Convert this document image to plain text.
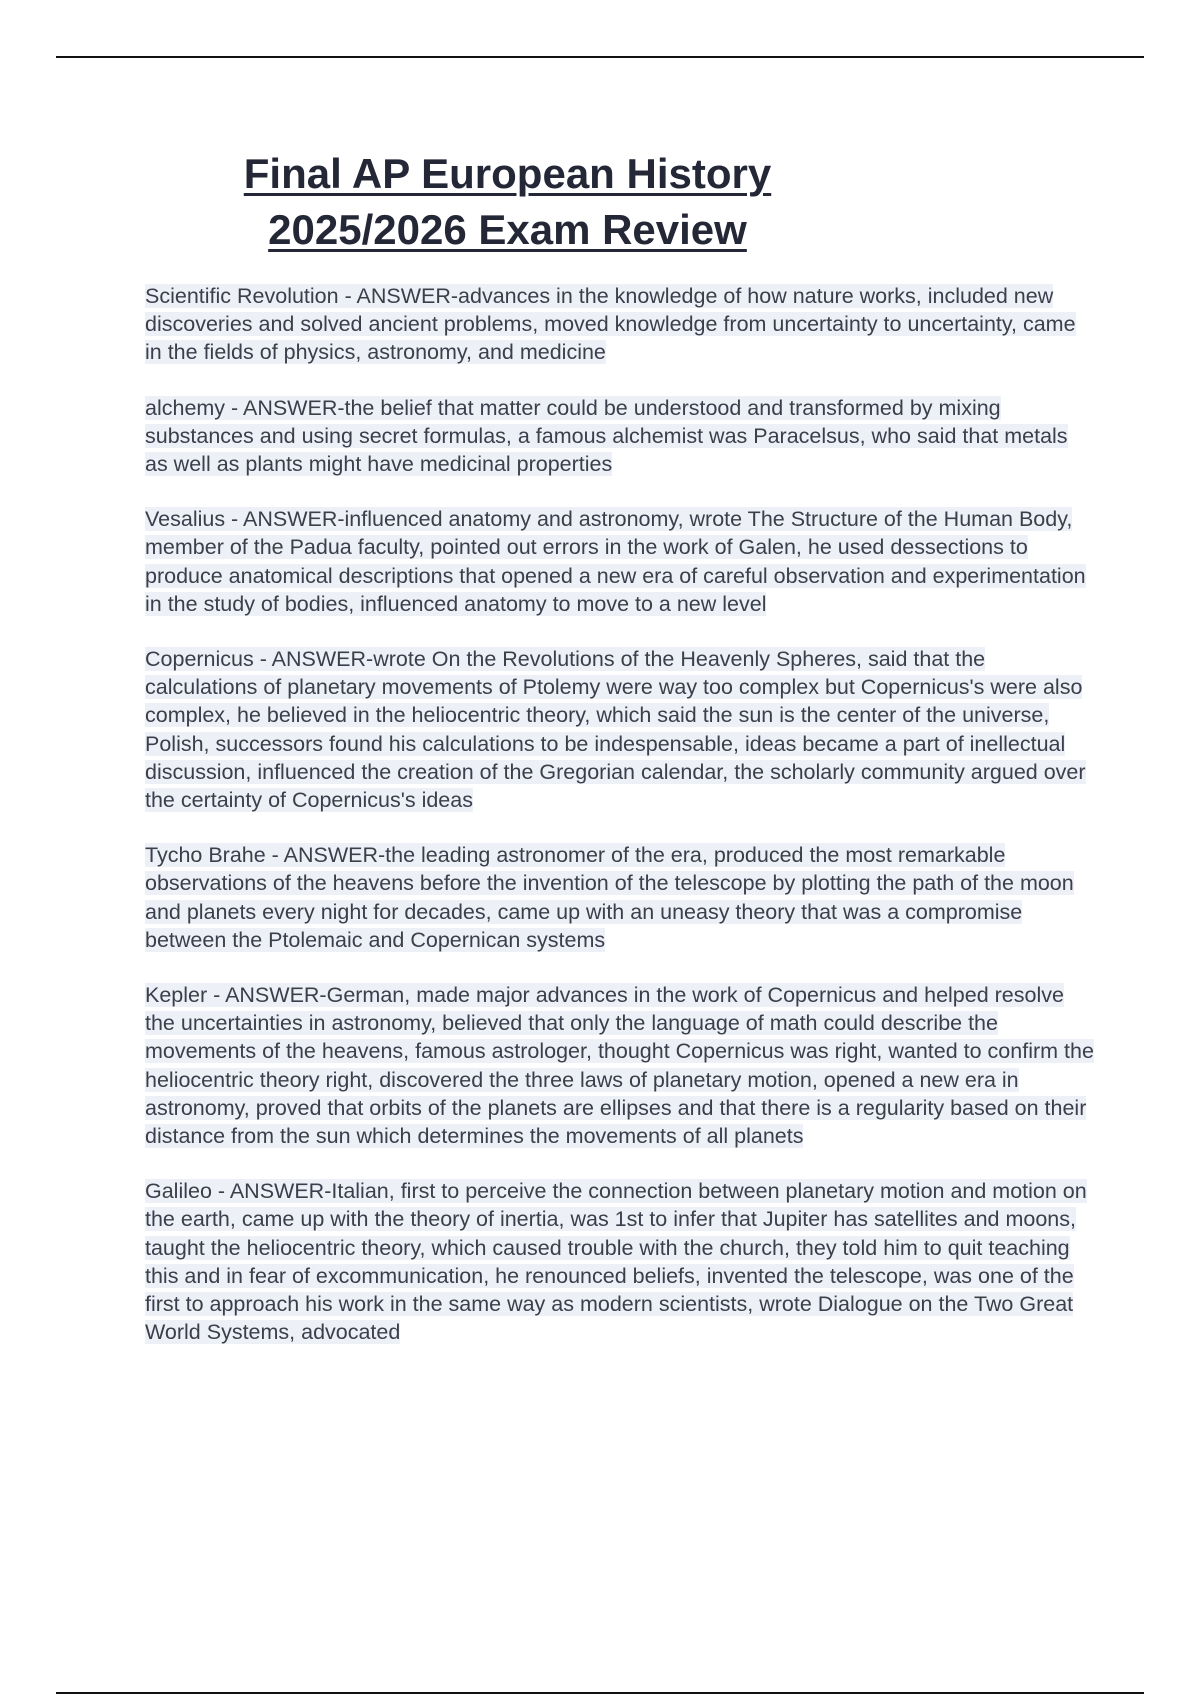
Final AP European History
2025/2026 Exam Review

Scientific Revolution - ANSWER-advances in the knowledge of how nature works, included new discoveries and solved ancient problems, moved knowledge from uncertainty to uncertainty, came in the fields of physics, astronomy, and medicine

alchemy - ANSWER-the belief that matter could be understood and transformed by mixing substances and using secret formulas, a famous alchemist was Paracelsus, who said that metals as well as plants might have medicinal properties

Vesalius - ANSWER-influenced anatomy and astronomy, wrote The Structure of the Human Body, member of the Padua faculty, pointed out errors in the work of Galen, he used dessections to produce anatomical descriptions that opened a new era of careful observation and experimentation in the study of bodies, influenced anatomy to move to a new level

Copernicus - ANSWER-wrote On the Revolutions of the Heavenly Spheres, said that the calculations of planetary movements of Ptolemy were way too complex but Copernicus's were also complex, he believed in the heliocentric theory, which said the sun is the center of the universe, Polish, successors found his calculations to be indespensable, ideas became a part of inellectual discussion, influenced the creation of the Gregorian calendar, the scholarly community argued over the certainty of Copernicus's ideas

Tycho Brahe - ANSWER-the leading astronomer of the era, produced the most remarkable observations of the heavens before the invention of the telescope by plotting the path of the moon and planets every night for decades, came up with an uneasy theory that was a compromise between the Ptolemaic and Copernican systems

Kepler - ANSWER-German, made major advances in the work of Copernicus and helped resolve the uncertainties in astronomy, believed that only the language of math could describe the movements of the heavens, famous astrologer, thought Copernicus was right, wanted to confirm the heliocentric theory right, discovered the three laws of planetary motion, opened a new era in astronomy, proved that orbits of the planets are ellipses and that there is a regularity based on their distance from the sun which determines the movements of all planets

Galileo - ANSWER-Italian, first to perceive the connection between planetary motion and motion on the earth, came up with the theory of inertia, was 1st to infer that Jupiter has satellites and moons, taught the heliocentric theory, which caused trouble with the church, they told him to quit teaching this and in fear of excommunication, he renounced beliefs, invented the telescope, was one of the first to approach his work in the same way as modern scientists, wrote Dialogue on the Two Great World Systems, advocated
